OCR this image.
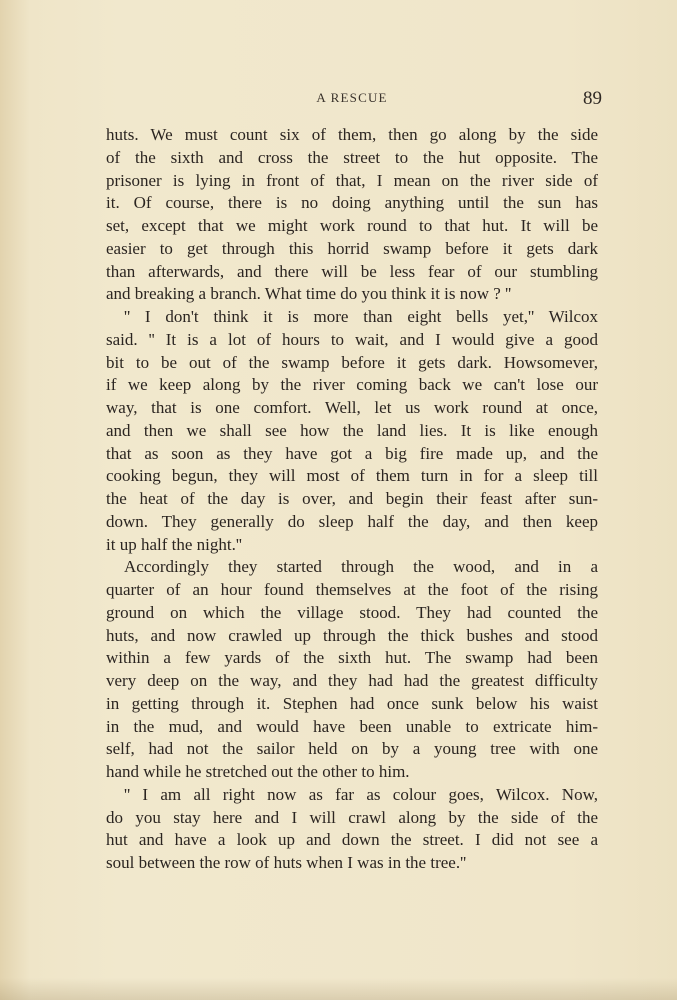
A RESCUE	89
huts. We must count six of them, then go along by the side
of the sixth and cross the street to the hut opposite. The
prisoner is lying in front of that, I mean on the river side of
it. Of course, there is no doing anything until the sun has
set, except that we might work round to that hut. It will be
easier to get through this horrid swamp before it gets dark
than afterwards, and there will be less fear of our stumbling
and breaking a branch. What time do you think it is now ? ''
'' I don't think it is more than eight bells yet,'' Wilcox
said. '' It is a lot of hours to wait, and I would give a good
bit to be out of the swamp before it gets dark. Howsomever,
if we keep along by the river coming back we can't lose our
way, that is one comfort. Well, let us work round at once,
and then we shall see how the land lies. It is like enough
that as soon as they have got a big fire made up, and the
cooking begun, they will most of them turn in for a sleep till
the heat of the day is over, and begin their feast after sun-
down. They generally do sleep half the day, and then keep
it up half the night.''
Accordingly they started through the wood, and in a
quarter of an hour found themselves at the foot of the rising
ground on which the village stood. They had counted the
huts, and now crawled up through the thick bushes and stood
within a few yards of the sixth hut. The swamp had been
very deep on the way, and they had had the greatest difficulty
in getting through it. Stephen had once sunk below his waist
in the mud, and would have been unable to extricate him-
self, had not the sailor held on by a young tree with one
hand while he stretched out the other to him.
'' I am all right now as far as colour goes, Wilcox. Now,
do you stay here and I will crawl along by the side of the
hut and have a look up and down the street. I did not see a
soul between the row of huts when I was in the tree.''
